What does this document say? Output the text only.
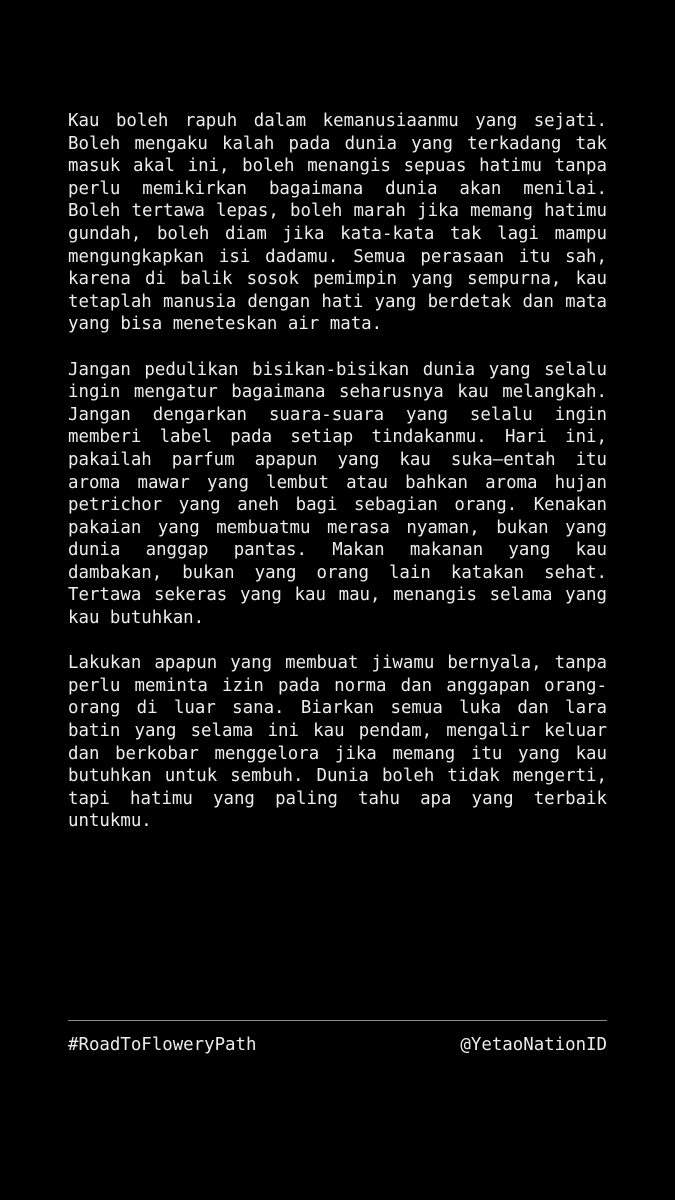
Kau boleh rapuh dalam kemanusiaanmu yang sejati. Boleh mengaku kalah pada dunia yang terkadang tak masuk akal ini, boleh menangis sepuas hatimu tanpa perlu memikirkan bagaimana dunia akan menilai. Boleh tertawa lepas, boleh marah jika memang hatimu gundah, boleh diam jika kata-kata tak lagi mampu mengungkapkan isi dadamu. Semua perasaan itu sah, karena di balik sosok pemimpin yang sempurna, kau tetaplah manusia dengan hati yang berdetak dan mata yang bisa meneteskan air mata.

Jangan pedulikan bisikan-bisikan dunia yang selalu ingin mengatur bagaimana seharusnya kau melangkah. Jangan dengarkan suara-suara yang selalu ingin memberi label pada setiap tindakanmu. Hari ini, pakailah parfum apapun yang kau suka—entah itu aroma mawar yang lembut atau bahkan aroma hujan petrichor yang aneh bagi sebagian orang. Kenakan pakaian yang membuatmu merasa nyaman, bukan yang dunia anggap pantas. Makan makanan yang kau dambakan, bukan yang orang lain katakan sehat. Tertawa sekeras yang kau mau, menangis selama yang kau butuhkan.

Lakukan apapun yang membuat jiwamu bernyala, tanpa perlu meminta izin pada norma dan anggapan orang-orang di luar sana. Biarkan semua luka dan lara batin yang selama ini kau pendam, mengalir keluar dan berkobar menggelora jika memang itu yang kau butuhkan untuk sembuh. Dunia boleh tidak mengerti, tapi hatimu yang paling tahu apa yang terbaik untukmu.

#RoadToFloweryPath	@YetaoNationID
